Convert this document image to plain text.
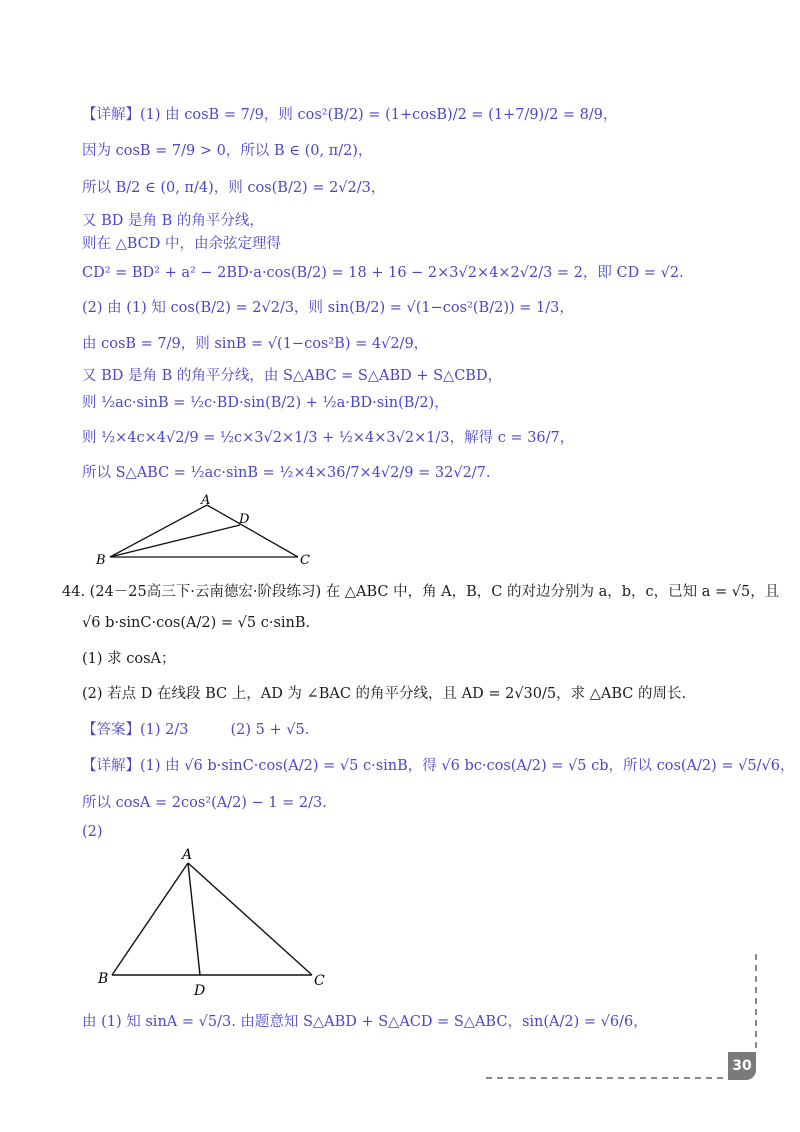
【详解】(1) 由 cosB = 7/9，则 cos²(B/2) = (1+cosB)/2 = (1+7/9)/2 = 8/9，
因为 cosB = 7/9 > 0，所以 B ∈ (0, π/2)，
所以 B/2 ∈ (0, π/4)，则 cos(B/2) = 2√2/3，
又 BD 是角 B 的角平分线，
则在 △BCD 中，由余弦定理得
CD² = BD² + a² − 2BD·a·cos(B/2) = 18 + 16 − 2×3√2×4×2√2/3 = 2，即 CD = √2.
(2) 由 (1) 知 cos(B/2) = 2√2/3，则 sin(B/2) = √(1−cos²(B/2)) = 1/3，
由 cosB = 7/9，则 sinB = √(1−cos²B) = 4√2/9，
又 BD 是角 B 的角平分线，由 S△ABC = S△ABD + S△CBD，
则 ½ac·sinB = ½c·BD·sin(B/2) + ½a·BD·sin(B/2)，
则 ½×4c×4√2/9 = ½c×3√2×1/3 + ½×4×3√2×1/3，解得 c = 36/7，
所以 S△ABC = ½ac·sinB = ½×4×36/7×4√2/9 = 32√2/7.
A
D
B	C
44. (24－25高三下·云南德宏·阶段练习) 在 △ABC 中，角 A，B，C 的对边分别为 a，b，c，已知 a = √5，且
√6 b·sinC·cos(A/2) = √5 c·sinB.
(1) 求 cosA；
(2) 若点 D 在线段 BC 上，AD 为 ∠BAC 的角平分线，且 AD = 2√30/5，求 △ABC 的周长.
【答案】(1) 2/3	(2) 5 + √5.
【详解】(1) 由 √6 b·sinC·cos(A/2) = √5 c·sinB，得 √6 bc·cos(A/2) = √5 cb，所以 cos(A/2) = √5/√6，
所以 cosA = 2cos²(A/2) − 1 = 2/3.
(2)
A
B
D
C
由 (1) 知 sinA = √5/3. 由题意知 S△ABD + S△ACD = S△ABC，sin(A/2) = √6/6，
30
